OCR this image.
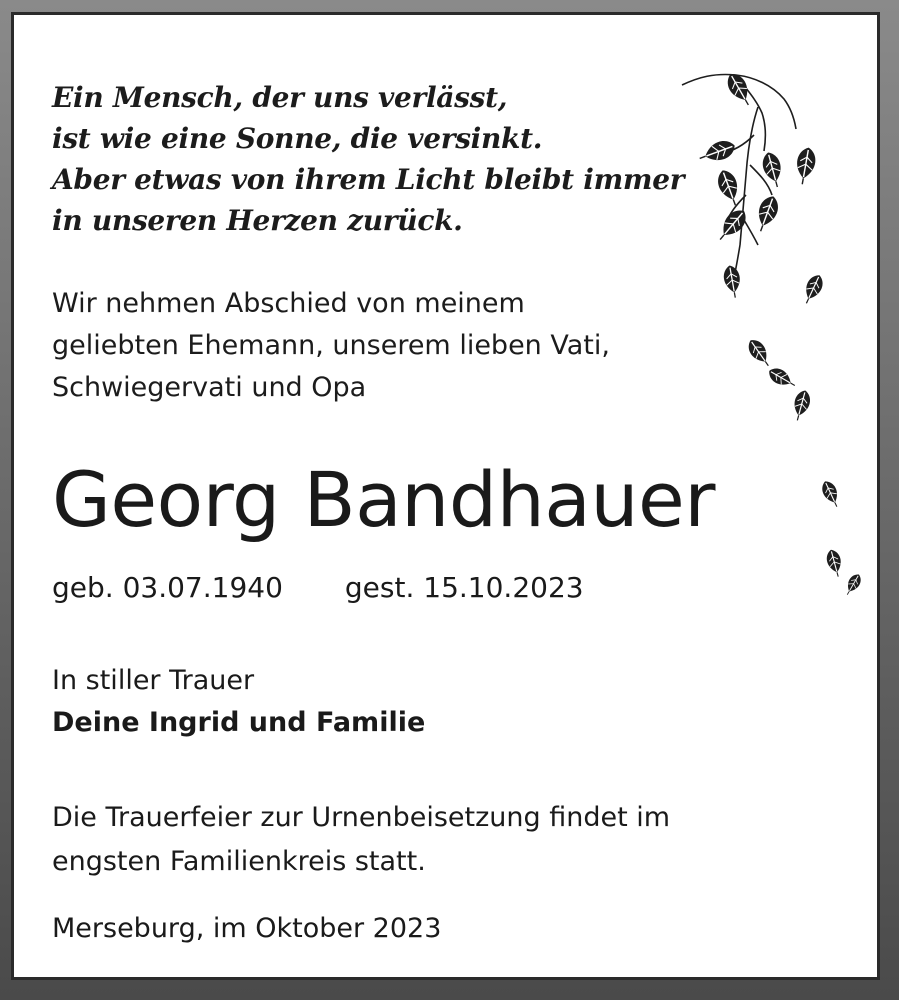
Ein Mensch, der uns verlässt,
ist wie eine Sonne, die versinkt.
Aber etwas von ihrem Licht bleibt immer
in unseren Herzen zurück.
Wir nehmen Abschied von meinem
geliebten Ehemann, unserem lieben Vati,
Schwiegervati und Opa
Georg Bandhauer
geb. 03.07.1940 gest. 15.10.2023
In stiller Trauer
Deine Ingrid und Familie
Die Trauerfeier zur Urnenbeisetzung findet im
engsten Familienkreis statt.
Merseburg, im Oktober 2023
